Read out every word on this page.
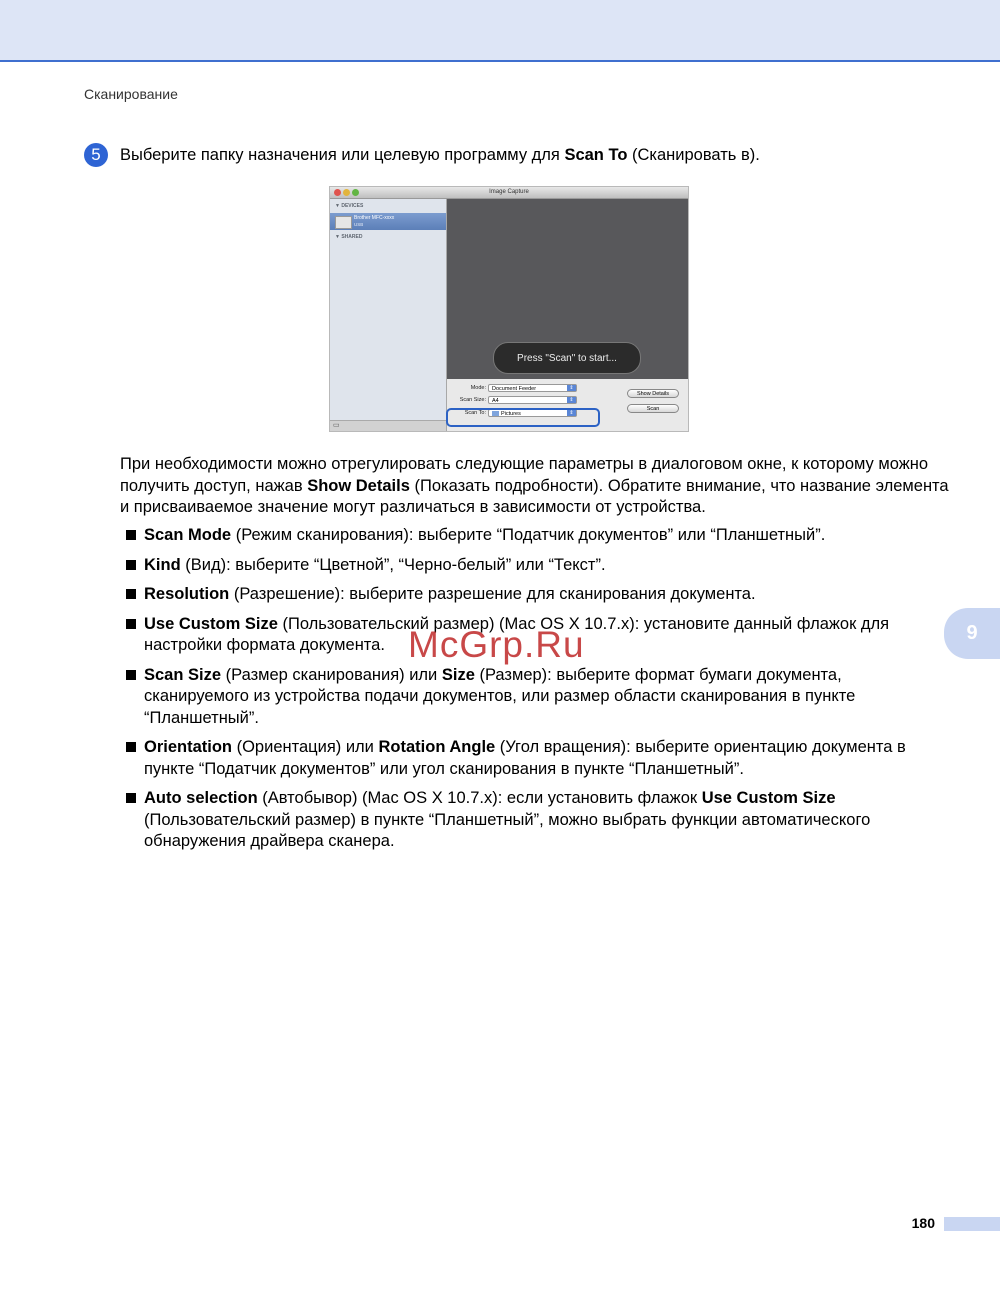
Сканирование
5	Выберите папку назначения или целевую программу для Scan To (Сканировать в).
Image Capture
▼ DEVICES
Brother MFC-xxxx
USB
▼ SHARED
▭
Press "Scan" to start...
Mode:	Document Feeder	⇕
Scan Size:	A4	⇕
Scan To:	Pictures	⇕
Show Details
Scan
При необходимости можно отрегулировать следующие параметры в диалоговом окне, к которому можно получить доступ, нажав Show Details (Показать подробности). Обратите внимание, что название элемента и присваиваемое значение могут различаться в зависимости от устройства.
Scan Mode (Режим сканирования): выберите “Податчик документов” или “Планшетный”.
Kind (Вид): выберите “Цветной”, “Черно-белый” или “Текст”.
Resolution (Разрешение): выберите разрешение для сканирования документа.
Use Custom Size (Пользовательский размер) (Mac OS X 10.7.x): установите данный флажок для настройки формата документа.
Scan Size (Размер сканирования) или Size (Размер): выберите формат бумаги документа, сканируемого из устройства подачи документов, или размер области сканирования в пункте “Планшетный”.
Orientation (Ориентация) или Rotation Angle (Угол вращения): выберите ориентацию документа в пункте “Податчик документов” или угол сканирования в пункте “Планшетный”.
Auto selection (Автобывор) (Mac OS X 10.7.x): если установить флажок Use Custom Size (Пользовательский размер) в пункте “Планшетный”, можно выбрать функции автоматического обнаружения драйвера сканера.
9
McGrp.Ru
180
